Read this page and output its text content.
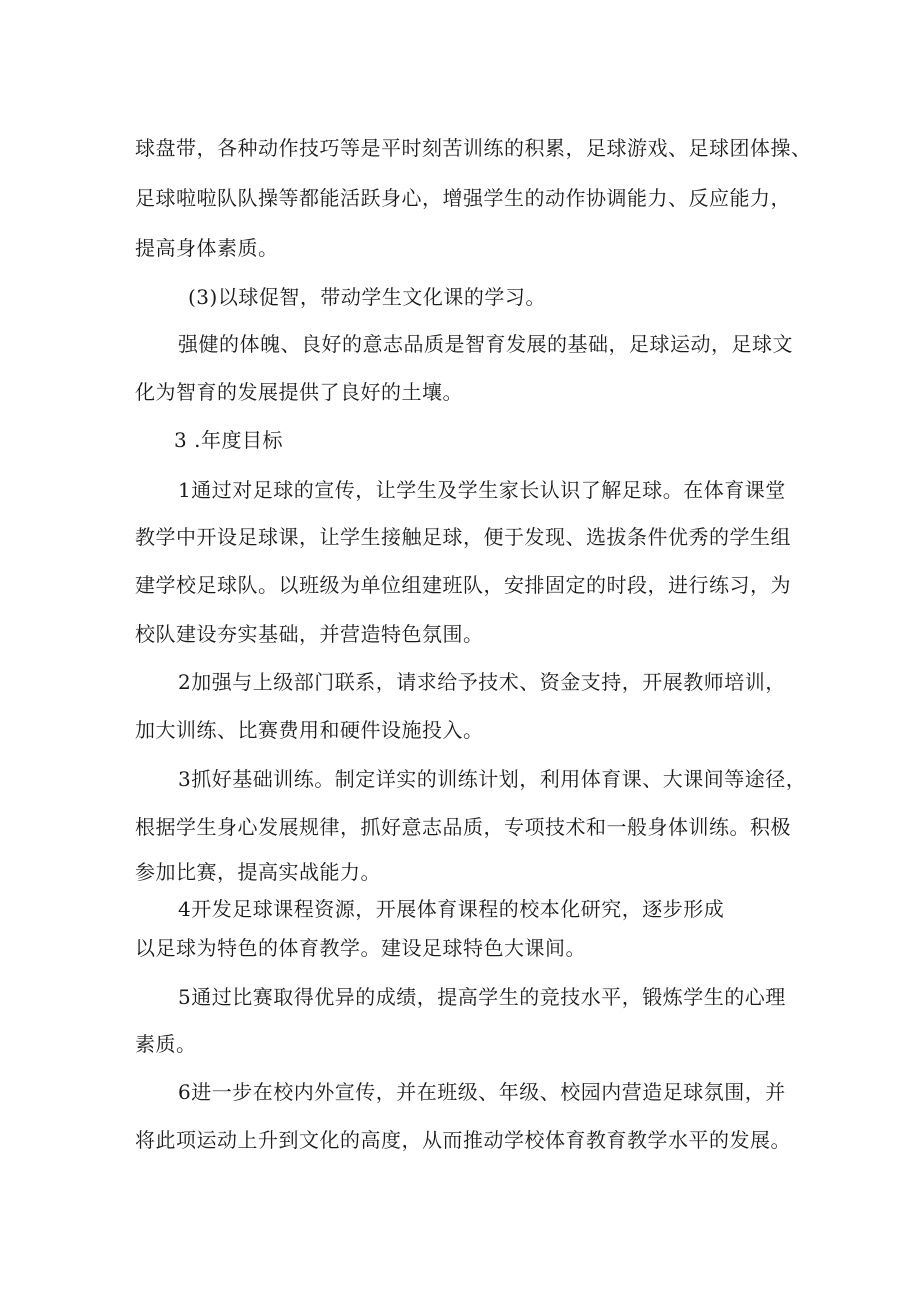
球盘带，各种动作技巧等是平时刻苦训练的积累，足球游戏、足球团体操、
足球啦啦队队操等都能活跃身心，增强学生的动作协调能力、反应能力，
提高身体素质。
(3)以球促智，带动学生文化课的学习。
强健的体魄、良好的意志品质是智育发展的基础，足球运动，足球文
化为智育的发展提供了良好的土壤。
3 .年度目标
1通过对足球的宣传，让学生及学生家长认识了解足球。在体育课堂
教学中开设足球课，让学生接触足球，便于发现、选拔条件优秀的学生组
建学校足球队。以班级为单位组建班队，安排固定的时段，进行练习，为
校队建设夯实基础，并营造特色氛围。
2加强与上级部门联系，请求给予技术、资金支持，开展教师培训，
加大训练、比赛费用和硬件设施投入。
3抓好基础训练。制定详实的训练计划，利用体育课、大课间等途径，
根据学生身心发展规律，抓好意志品质，专项技术和一般身体训练。积极
参加比赛，提高实战能力。
4开发足球课程资源，开展体育课程的校本化研究，逐步形成
以足球为特色的体育教学。建设足球特色大课间。
5通过比赛取得优异的成绩，提高学生的竞技水平，锻炼学生的心理
素质。
6进一步在校内外宣传，并在班级、年级、校园内营造足球氛围，并
将此项运动上升到文化的高度，从而推动学校体育教育教学水平的发展。
